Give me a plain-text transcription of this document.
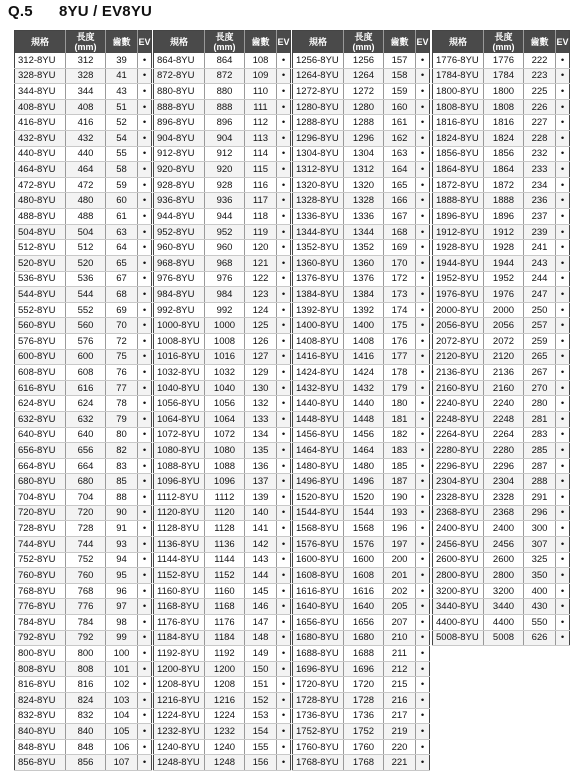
Q.5      8YU / EV8YU
規格	長度
(mm)	齒數	EV
312-8YU	312	39	•
328-8YU	328	41	•
344-8YU	344	43	•
408-8YU	408	51	•
416-8YU	416	52	•
432-8YU	432	54	•
440-8YU	440	55	•
464-8YU	464	58	•
472-8YU	472	59	•
480-8YU	480	60	•
488-8YU	488	61	•
504-8YU	504	63	•
512-8YU	512	64	•
520-8YU	520	65	•
536-8YU	536	67	•
544-8YU	544	68	•
552-8YU	552	69	•
560-8YU	560	70	•
576-8YU	576	72	•
600-8YU	600	75	•
608-8YU	608	76	•
616-8YU	616	77	•
624-8YU	624	78	•
632-8YU	632	79	•
640-8YU	640	80	•
656-8YU	656	82	•
664-8YU	664	83	•
680-8YU	680	85	•
704-8YU	704	88	•
720-8YU	720	90	•
728-8YU	728	91	•
744-8YU	744	93	•
752-8YU	752	94	•
760-8YU	760	95	•
768-8YU	768	96	•
776-8YU	776	97	•
784-8YU	784	98	•
792-8YU	792	99	•
800-8YU	800	100	•
808-8YU	808	101	•
816-8YU	816	102	•
824-8YU	824	103	•
832-8YU	832	104	•
840-8YU	840	105	•
848-8YU	848	106	•
856-8YU	856	107	•
規格	長度
(mm)	齒數	EV
864-8YU	864	108	•
872-8YU	872	109	•
880-8YU	880	110	•
888-8YU	888	111	•
896-8YU	896	112	•
904-8YU	904	113	•
912-8YU	912	114	•
920-8YU	920	115	•
928-8YU	928	116	•
936-8YU	936	117	•
944-8YU	944	118	•
952-8YU	952	119	•
960-8YU	960	120	•
968-8YU	968	121	•
976-8YU	976	122	•
984-8YU	984	123	•
992-8YU	992	124	•
1000-8YU	1000	125	•
1008-8YU	1008	126	•
1016-8YU	1016	127	•
1032-8YU	1032	129	•
1040-8YU	1040	130	•
1056-8YU	1056	132	•
1064-8YU	1064	133	•
1072-8YU	1072	134	•
1080-8YU	1080	135	•
1088-8YU	1088	136	•
1096-8YU	1096	137	•
1112-8YU	1112	139	•
1120-8YU	1120	140	•
1128-8YU	1128	141	•
1136-8YU	1136	142	•
1144-8YU	1144	143	•
1152-8YU	1152	144	•
1160-8YU	1160	145	•
1168-8YU	1168	146	•
1176-8YU	1176	147	•
1184-8YU	1184	148	•
1192-8YU	1192	149	•
1200-8YU	1200	150	•
1208-8YU	1208	151	•
1216-8YU	1216	152	•
1224-8YU	1224	153	•
1232-8YU	1232	154	•
1240-8YU	1240	155	•
1248-8YU	1248	156	•
規格	長度
(mm)	齒數	EV
1256-8YU	1256	157	•
1264-8YU	1264	158	•
1272-8YU	1272	159	•
1280-8YU	1280	160	•
1288-8YU	1288	161	•
1296-8YU	1296	162	•
1304-8YU	1304	163	•
1312-8YU	1312	164	•
1320-8YU	1320	165	•
1328-8YU	1328	166	•
1336-8YU	1336	167	•
1344-8YU	1344	168	•
1352-8YU	1352	169	•
1360-8YU	1360	170	•
1376-8YU	1376	172	•
1384-8YU	1384	173	•
1392-8YU	1392	174	•
1400-8YU	1400	175	•
1408-8YU	1408	176	•
1416-8YU	1416	177	•
1424-8YU	1424	178	•
1432-8YU	1432	179	•
1440-8YU	1440	180	•
1448-8YU	1448	181	•
1456-8YU	1456	182	•
1464-8YU	1464	183	•
1480-8YU	1480	185	•
1496-8YU	1496	187	•
1520-8YU	1520	190	•
1544-8YU	1544	193	•
1568-8YU	1568	196	•
1576-8YU	1576	197	•
1600-8YU	1600	200	•
1608-8YU	1608	201	•
1616-8YU	1616	202	•
1640-8YU	1640	205	•
1656-8YU	1656	207	•
1680-8YU	1680	210	•
1688-8YU	1688	211	•
1696-8YU	1696	212	•
1720-8YU	1720	215	•
1728-8YU	1728	216	•
1736-8YU	1736	217	•
1752-8YU	1752	219	•
1760-8YU	1760	220	•
1768-8YU	1768	221	•
規格	長度
(mm)	齒數	EV
1776-8YU	1776	222	•
1784-8YU	1784	223	•
1800-8YU	1800	225	•
1808-8YU	1808	226	•
1816-8YU	1816	227	•
1824-8YU	1824	228	•
1856-8YU	1856	232	•
1864-8YU	1864	233	•
1872-8YU	1872	234	•
1888-8YU	1888	236	•
1896-8YU	1896	237	•
1912-8YU	1912	239	•
1928-8YU	1928	241	•
1944-8YU	1944	243	•
1952-8YU	1952	244	•
1976-8YU	1976	247	•
2000-8YU	2000	250	•
2056-8YU	2056	257	•
2072-8YU	2072	259	•
2120-8YU	2120	265	•
2136-8YU	2136	267	•
2160-8YU	2160	270	•
2240-8YU	2240	280	•
2248-8YU	2248	281	•
2264-8YU	2264	283	•
2280-8YU	2280	285	•
2296-8YU	2296	287	•
2304-8YU	2304	288	•
2328-8YU	2328	291	•
2368-8YU	2368	296	•
2400-8YU	2400	300	•
2456-8YU	2456	307	•
2600-8YU	2600	325	•
2800-8YU	2800	350	•
3200-8YU	3200	400	•
3440-8YU	3440	430	•
4400-8YU	4400	550	•
5008-8YU	5008	626	•
